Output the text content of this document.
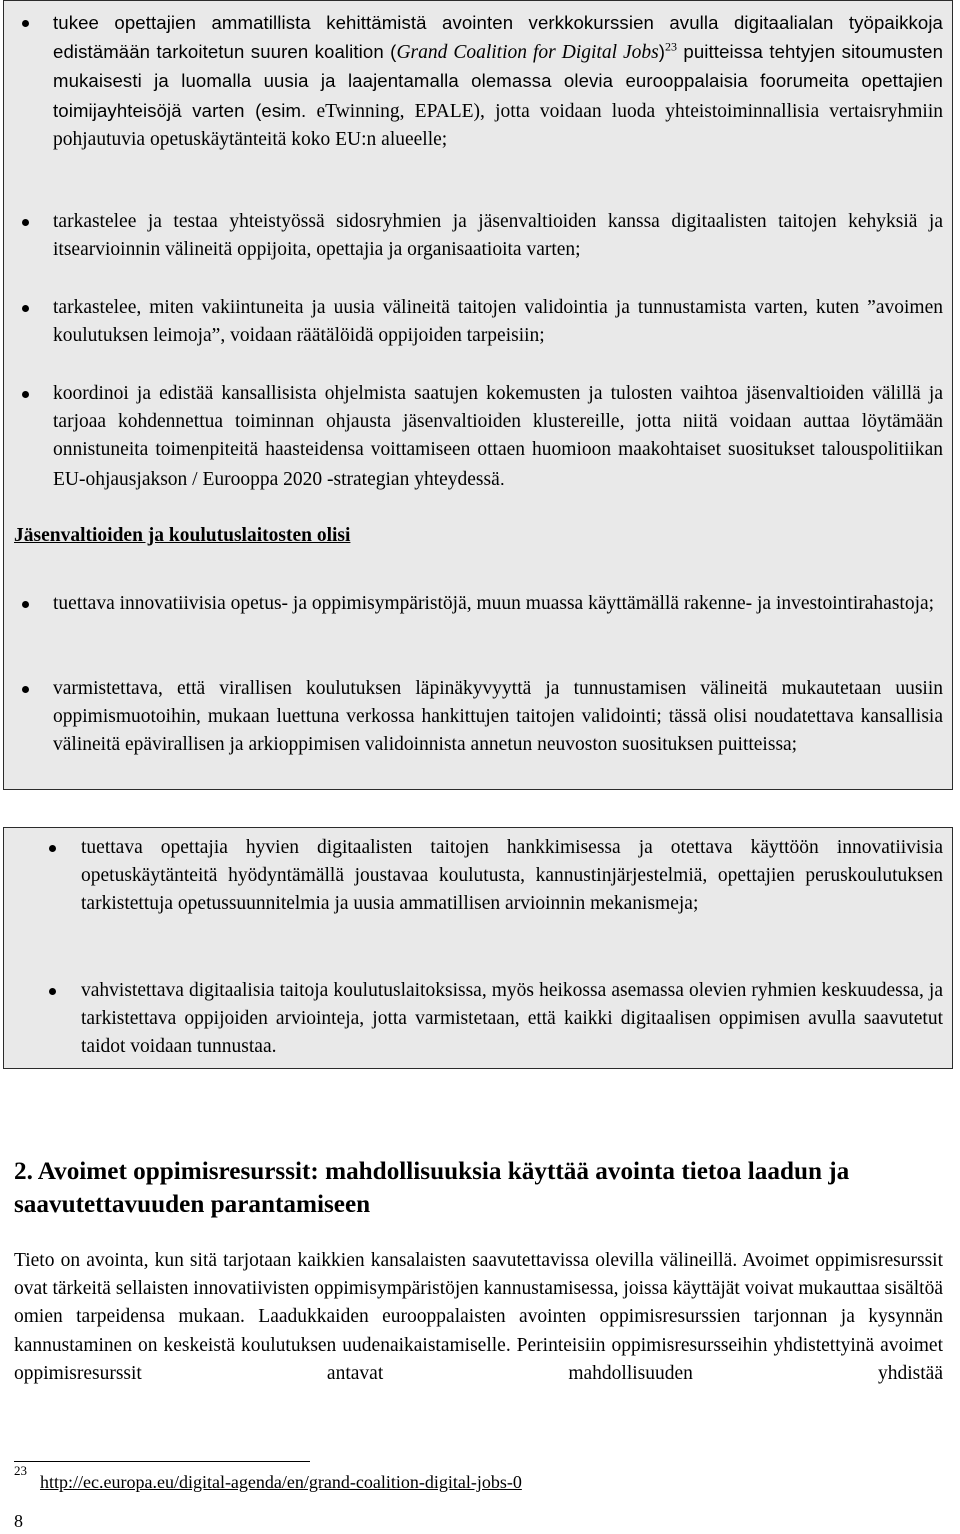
tukee opettajien ammatillista kehittämistä avointen verkkokurssien avulla digitaalialan työpaikkoja edistämään tarkoitetun suuren koalition (Grand Coalition for Digital Jobs)$^{23}$ puitteissa tehtyjen sitoumusten mukaisesti ja luomalla uusia ja laajentamalla olemassa olevia eurooppalaisia foorumeita opettajien toimijayhteisöjä varten (esim. eTwinning, EPALE), jotta voidaan luoda yhteistoiminnallisia vertaisryhmiin pohjautuvia opetuskäytänteitä koko EU:n alueelle;

tarkastelee ja testaa yhteistyössä sidosryhmien ja jäsenvaltioiden kanssa digitaalisten taitojen kehyksiä ja itsearvioinnin välineitä oppijoita, opettajia ja organisaatioita varten;

tarkastelee, miten vakiintuneita ja uusia välineitä taitojen validointia ja tunnustamista varten, kuten ”avoimen koulutuksen leimoja”, voidaan räätälöidä oppijoiden tarpeisiin;

koordinoi ja edistää kansallisista ohjelmista saatujen kokemusten ja tulosten vaihtoa jäsenvaltioiden välillä ja tarjoaa kohdennettua toiminnan ohjausta jäsenvaltioiden klustereille, jotta niitä voidaan auttaa löytämään onnistuneita toimenpiteitä haasteidensa voittamiseen ottaen huomioon maakohtaiset suositukset talouspolitiikan EU-ohjausjakson / Eurooppa 2020 -strategian yhteydessä.

Jäsenvaltioiden ja koulutuslaitosten olisi

tuettava innovatiivisia opetus- ja oppimisympäristöjä, muun muassa käyttämällä rakenne- ja investointirahastoja;

varmistettava, että virallisen koulutuksen läpinäkyvyyttä ja tunnustamisen välineitä mukautetaan uusiin oppimismuotoihin, mukaan luettuna verkossa hankittujen taitojen validointi; tässä olisi noudatettava kansallisia välineitä epävirallisen ja arkioppimisen validoinnista annetun neuvoston suosituksen puitteissa;

tuettava opettajia hyvien digitaalisten taitojen hankkimisessa ja otettava käyttöön innovatiivisia opetuskäytänteitä hyödyntämällä joustavaa koulutusta, kannustinjärjestelmiä, opettajien peruskoulutuksen tarkistettuja opetussuunnitelmia ja uusia ammatillisen arvioinnin mekanismeja;

vahvistettava digitaalisia taitoja koulutuslaitoksissa, myös heikossa asemassa olevien ryhmien keskuudessa, ja tarkistettava oppijoiden arviointeja, jotta varmistetaan, että kaikki digitaalisen oppimisen avulla saavutetut taidot voidaan tunnustaa.

2. Avoimet oppimisresurssit: mahdollisuuksia käyttää avointa tietoa laadun ja saavutettavuuden parantamiseen

Tieto on avointa, kun sitä tarjotaan kaikkien kansalaisten saavutettavissa olevilla välineillä. Avoimet oppimisresurssit ovat tärkeitä sellaisten innovatiivisten oppimisympäristöjen kannustamisessa, joissa käyttäjät voivat mukauttaa sisältöä omien tarpeidensa mukaan. Laadukkaiden eurooppalaisten avointen oppimisresurssien tarjonnan ja kysynnän kannustaminen on keskeistä koulutuksen uudenaikaistamiselle. Perinteisiin oppimisresursseihin yhdistettyinä avoimet oppimisresurssit antavat mahdollisuuden yhdistää

23
http://ec.europa.eu/digital-agenda/en/grand-coalition-digital-jobs-0
8
